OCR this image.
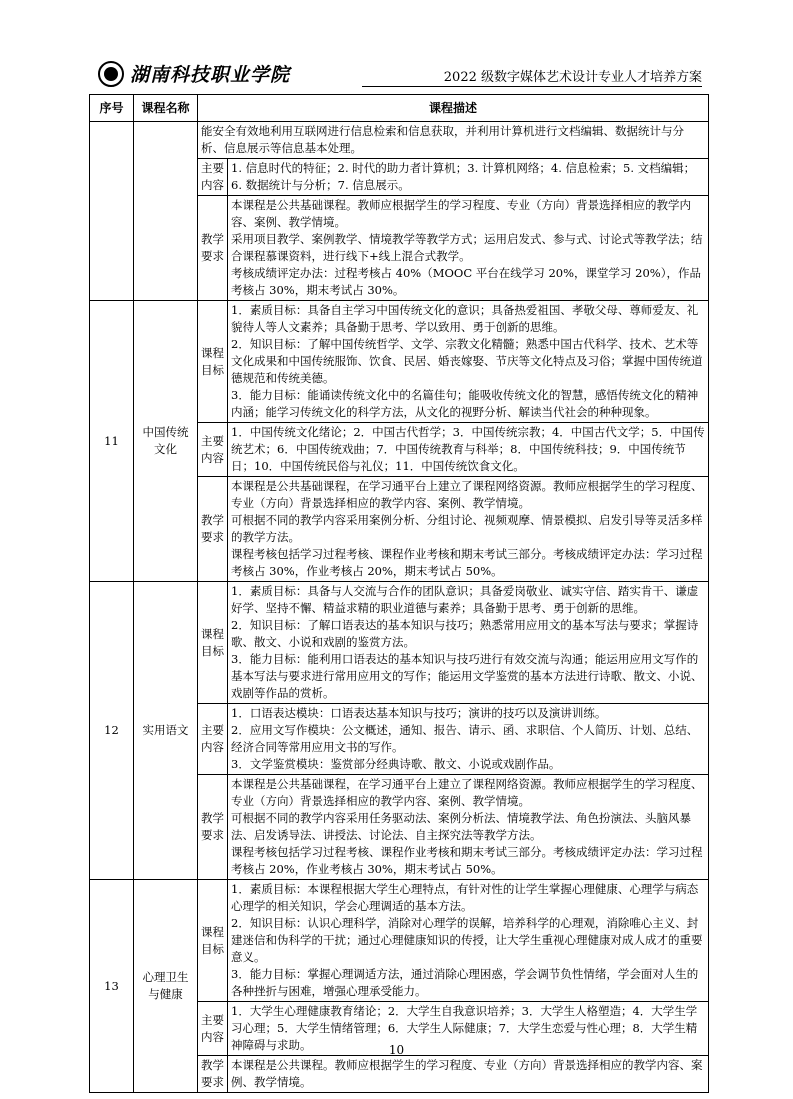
湖南科技职业学院	2022 级数字媒体艺术设计专业人才培养方案
序号	课程名称	课程描述	

		能安全有效地利用互联网进行信息检索和信息获取，并利用计算机进行文档编辑、数据统计与分析、信息展示等信息基本处理。	

		主要内容	1. 信息时代的特征；2. 时代的助力者计算机；3. 计算机网络；4. 信息检索；5. 文档编辑；6. 数据统计与分析；7. 信息展示。

		教学要求	本课程是公共基础课程。教师应根据学生的学习程度、专业（方向）背景选择相应的教学内容、案例、教学情境。
采用项目教学、案例教学、情境教学等教学方式；运用启发式、参与式、讨论式等教学法；结合课程慕课资料，进行线下+线上混合式教学。
考核成绩评定办法：过程考核占 40%（MOOC 平台在线学习 20%，课堂学习 20%），作品考核占 30%，期末考试占 30%。

11	中国传统文化	课程目标	1．素质目标：具备自主学习中国传统文化的意识；具备热爱祖国、孝敬父母、尊师爱友、礼貌待人等人文素养；具备勤于思考、学以致用、勇于创新的思维。
2．知识目标：了解中国传统哲学、文学、宗教文化精髓；熟悉中国古代科学、技术、艺术等文化成果和中国传统服饰、饮食、民居、婚丧嫁娶、节庆等文化特点及习俗；掌握中国传统道德规范和传统美德。
3．能力目标：能诵读传统文化中的名篇佳句；能吸收传统文化的智慧，感悟传统文化的精神内涵；能学习传统文化的科学方法，从文化的视野分析、解读当代社会的种种现象。

		主要内容	1．中国传统文化绪论；2．中国古代哲学；3．中国传统宗教；4．中国古代文学；5．中国传统艺术；6．中国传统戏曲；7．中国传统教育与科举；8．中国传统科技；9．中国传统节日；10．中国传统民俗与礼仪；11．中国传统饮食文化。

		教学要求	本课程是公共基础课程，在学习通平台上建立了课程网络资源。教师应根据学生的学习程度、专业（方向）背景选择相应的教学内容、案例、教学情境。
可根据不同的教学内容采用案例分析、分组讨论、视频观摩、情景模拟、启发引导等灵活多样的教学方法。
课程考核包括学习过程考核、课程作业考核和期末考试三部分。考核成绩评定办法：学习过程考核占 30%，作业考核占 20%，期末考试占 50%。

12	实用语文	课程目标	1．素质目标：具备与人交流与合作的团队意识；具备爱岗敬业、诚实守信、踏实肯干、谦虚好学、坚持不懈、精益求精的职业道德与素养；具备勤于思考、勇于创新的思维。
2．知识目标：了解口语表达的基本知识与技巧；熟悉常用应用文的基本写法与要求；掌握诗歌、散文、小说和戏剧的鉴赏方法。
3．能力目标：能利用口语表达的基本知识与技巧进行有效交流与沟通；能运用应用文写作的基本写法与要求进行常用应用文的写作；能运用文学鉴赏的基本方法进行诗歌、散文、小说、戏剧等作品的赏析。

		主要内容	1．口语表达模块：口语表达基本知识与技巧；演讲的技巧以及演讲训练。
2．应用文写作模块：公文概述，通知、报告、请示、函、求职信、个人简历、计划、总结、经济合同等常用应用文书的写作。
3．文学鉴赏模块：鉴赏部分经典诗歌、散文、小说或戏剧作品。

		教学要求	本课程是公共基础课程，在学习通平台上建立了课程网络资源。教师应根据学生的学习程度、专业（方向）背景选择相应的教学内容、案例、教学情境。
可根据不同的教学内容采用任务驱动法、案例分析法、情境教学法、角色扮演法、头脑风暴法、启发诱导法、讲授法、讨论法、自主探究法等教学方法。
课程考核包括学习过程考核、课程作业考核和期末考试三部分。考核成绩评定办法：学习过程考核占 20%，作业考核占 30%，期末考试占 50%。

13	心理卫生与健康	课程目标	1．素质目标：本课程根据大学生心理特点，有针对性的让学生掌握心理健康、心理学与病态心理学的相关知识，学会心理调适的基本方法。
2．知识目标：认识心理科学，消除对心理学的误解，培养科学的心理观，消除唯心主义、封建迷信和伪科学的干扰；通过心理健康知识的传授，让大学生重视心理健康对成人成才的重要意义。
3．能力目标：掌握心理调适方法，通过消除心理困惑，学会调节负性情绪，学会面对人生的各种挫折与困难，增强心理承受能力。

		主要内容	1．大学生心理健康教育绪论；2．大学生自我意识培养；3．大学生人格塑造；4．大学生学习心理；5．大学生情绪管理；6．大学生人际健康；7．大学生恋爱与性心理；8．大学生精神障碍与求助。

		教学要求	本课程是公共课程。教师应根据学生的学习程度、专业（方向）背景选择相应的教学内容、案例、教学情境。
10
